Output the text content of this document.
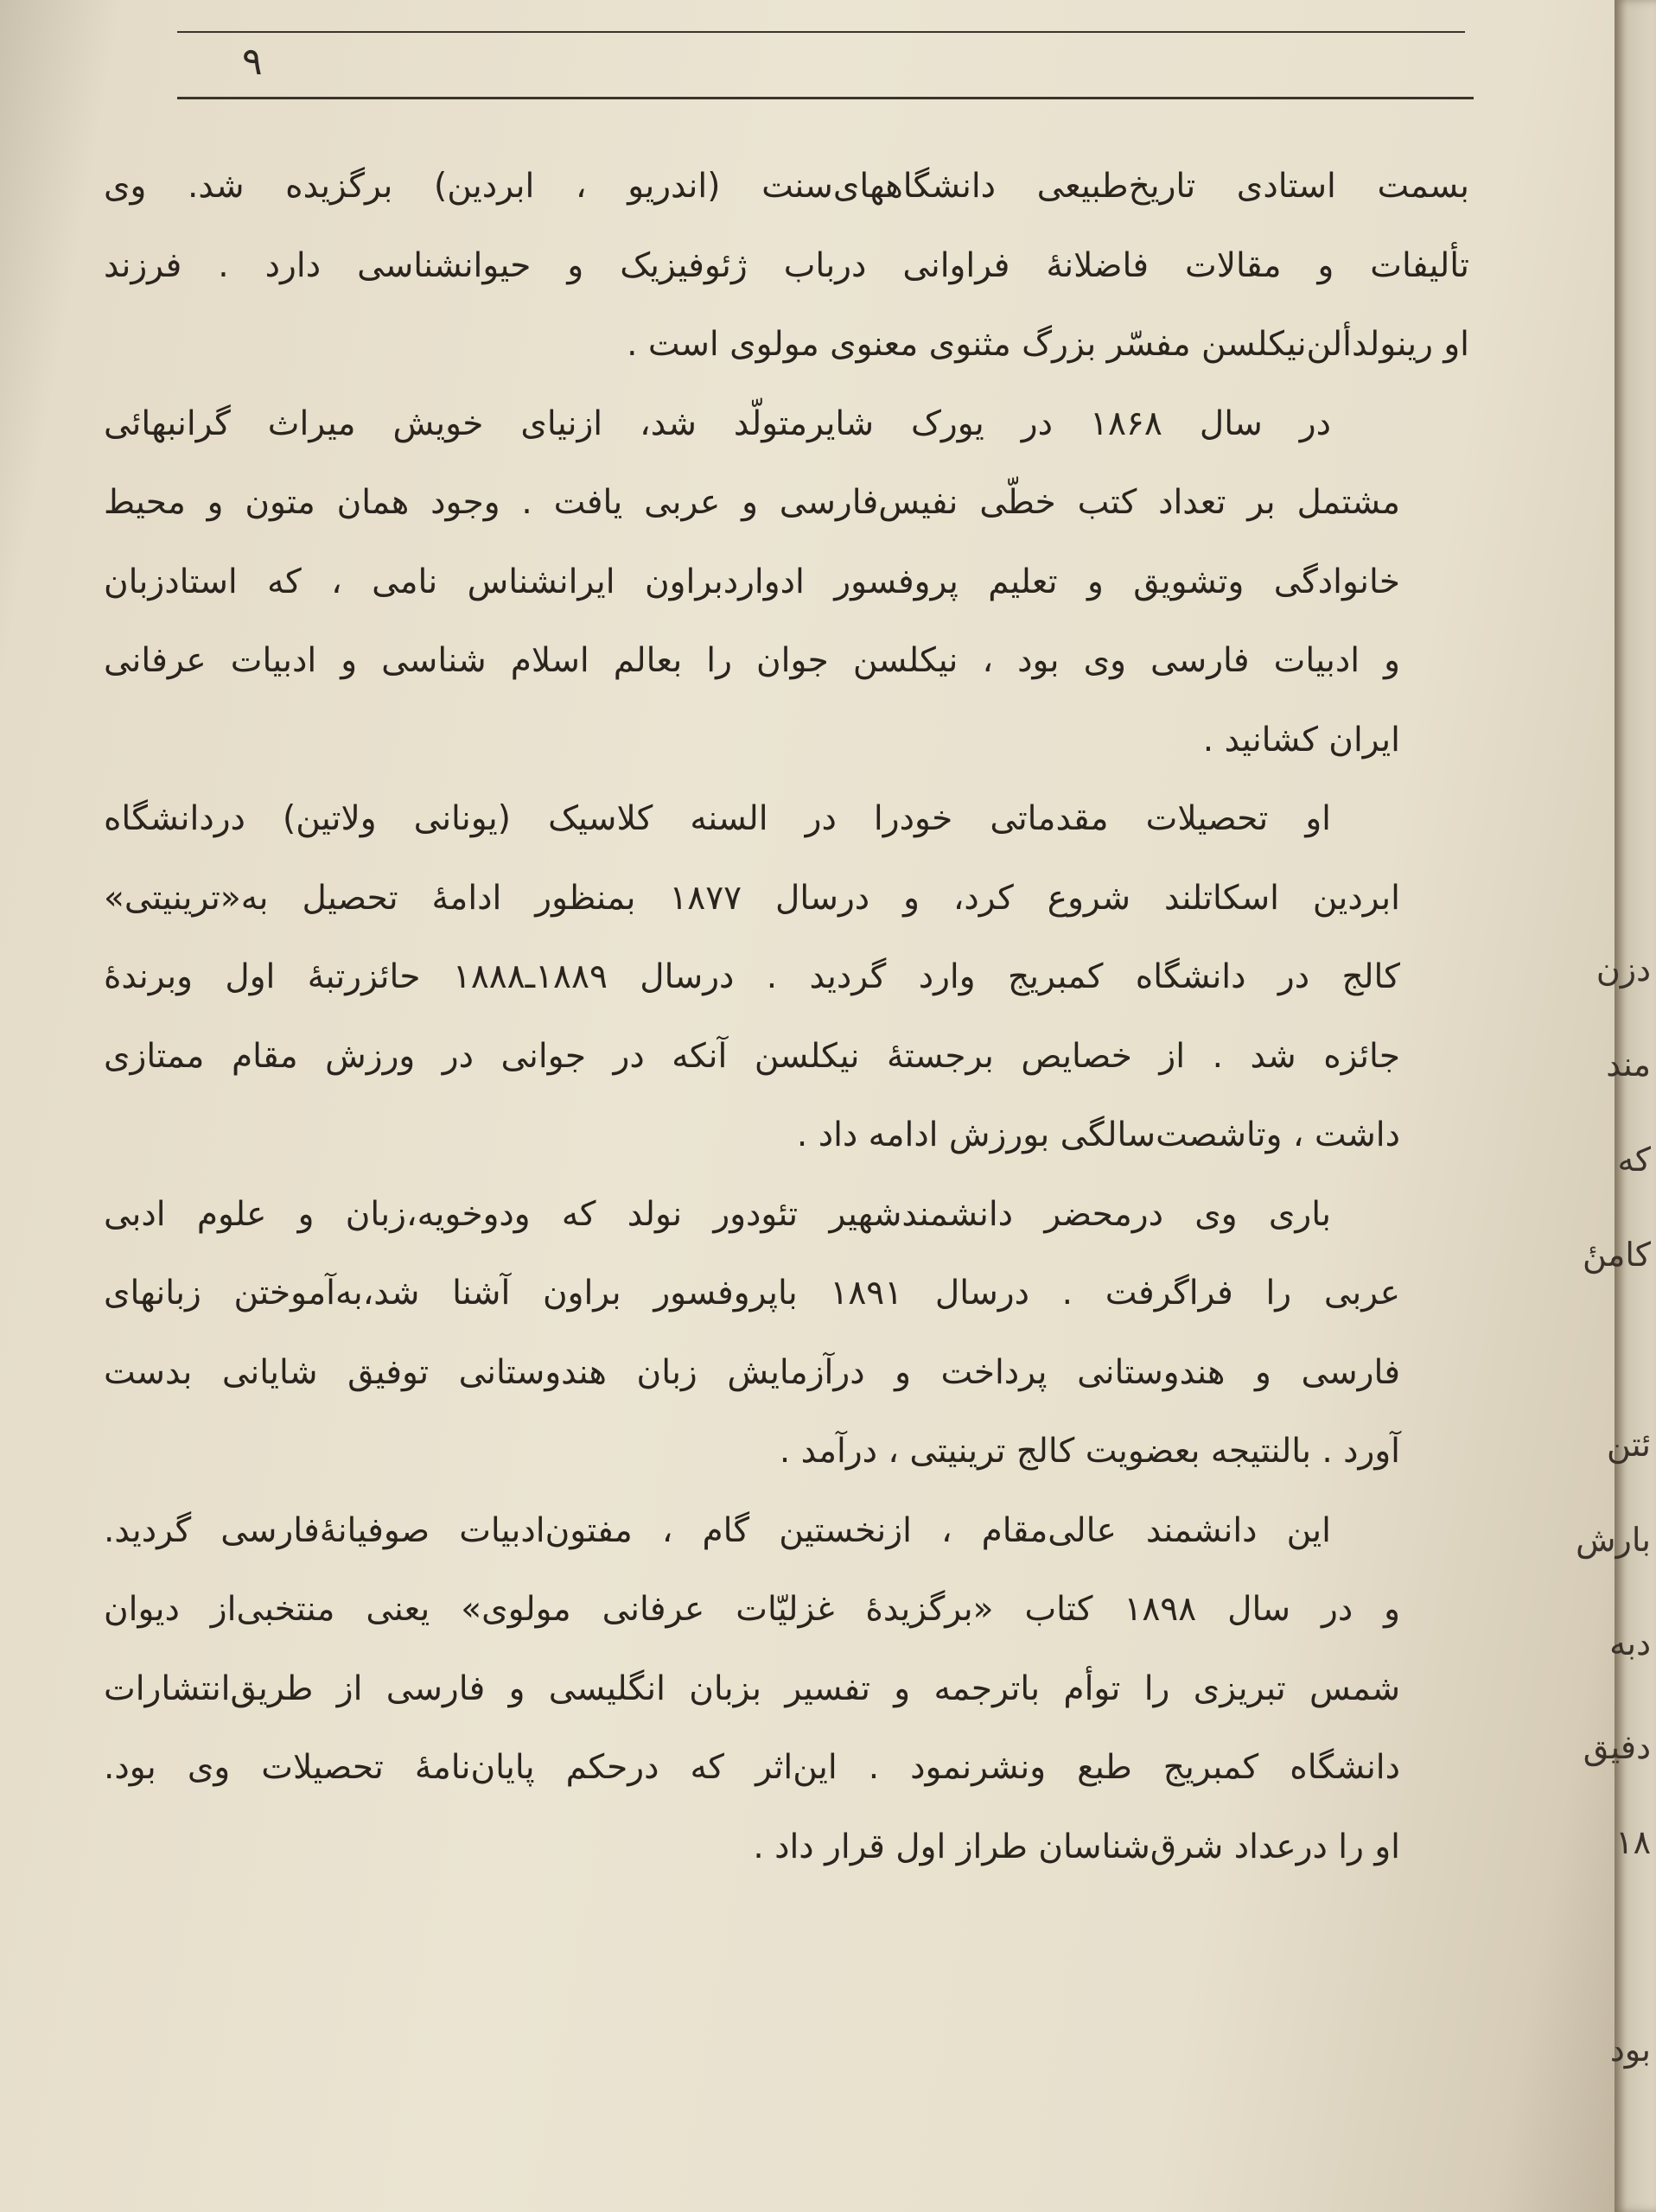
۹
بسمت استادی تاریخ‌طبیعی دانشگاههای‌سنت (اندریو ، ابردین) برگزیده شد. وی
تألیفات و مقالات فاضلانهٔ فراوانی درباب ژئوفیزیک و حیوانشناسی دارد . فرزند
او رینولدألن‌نیکلسن مفسّر بزرگ مثنوی معنوی مولوی است .
در سال ۱۸۶۸ در یورک شایرمتولّد شد، ازنیای خویش میراث گرانبهائی
مشتمل بر تعداد کتب خطّی نفیس‌فارسی و عربی یافت . وجود همان متون و محیط
خانوادگی وتشویق و تعلیم پروفسور ادواردبراون ایرانشناس نامی ، که استادزبان
و ادبیات فارسی وی بود ، نیکلسن جوان را بعالم اسلام شناسی و ادبیات عرفانی
ایران کشانید .
او تحصیلات مقدماتی خودرا در السنه کلاسیک (یونانی ولاتین) دردانشگاه
ابردین اسکاتلند شروع کرد، و درسال ۱۸۷۷ بمنظور ادامهٔ تحصیل به«ترینیتی»
کالج در دانشگاه کمبریج وارد گردید . درسال ۱۸۸۹ـ۱۸۸۸ حائزرتبهٔ اول وبرندهٔ
جائزه شد . از خصایص برجستهٔ نیکلسن آنکه در جوانی در ورزش مقام ممتازی
داشت ، وتاشصت‌سالگی بورزش ادامه داد .
باری وی درمحضر دانشمندشهیر تئودور نولد که ودوخویه،زبان و علوم ادبی
عربی را فراگرفت . درسال ۱۸۹۱ باپروفسور براون آشنا شد،به‌آموختن زبانهای
فارسی و هندوستانی پرداخت و درآزمایش زبان هندوستانی توفیق شایانی بدست
آورد . بالنتیجه بعضویت کالج ترینیتی ، درآمد .
این دانشمند عالی‌مقام ، ازنخستین گام ، مفتون‌ادبیات صوفیانهٔ‌فارسی گردید.
و در سال ۱۸۹۸ کتاب «برگزیدهٔ غزلیّات عرفانی مولوی» یعنی منتخبی‌از دیوان
شمس تبریزی را توأم باترجمه و تفسیر بزبان انگلیسی و فارسی از طریق‌انتشارات
دانشگاه کمبریج طبع ونشرنمود . این‌اثر که درحکم پایان‌نامهٔ تحصیلات وی بود.
او را درعداد شرق‌شناسان طراز اول قرار داد .
دزن
مند
که
کامنٔ
ئتن
بارش
دبه
دفیق
۱۸
بود
